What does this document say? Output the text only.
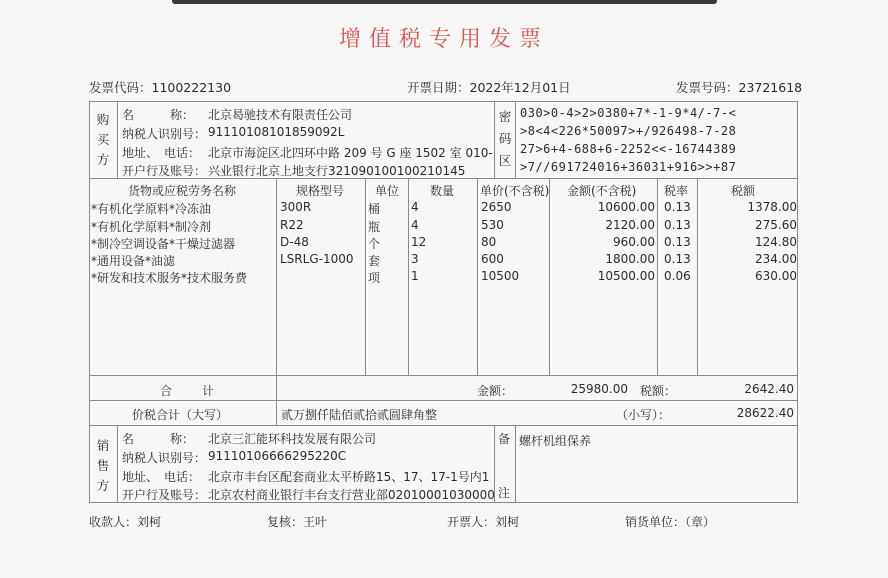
增值税专用发票
发票代码：1100222130	开票日期：2022年12月01日	发票号码：23721618
购
买
方
名　　　称： 北京曷驰技术有限责任公司
纳税人识别号： 91110108101859092L
地址、　电话： 北京市海淀区北四环中路 209 号 G 座 1502 室 010-
开户行及账号： 兴业银行北京上地支行321090100100210145
密
码
区
030>0-4>2>0380+7*-1-9*4/-7-<
>8<4<226*50097>+/926498-7-28
27>6+4-688+6-2252<<-16744389
>7//691724016+36031+916>>+87
货物或应税劳务名称	规格型号	单位	数量 单价(不含税) 金额(不含税) 税率	税额
*有机化学原料*冷冻油	300R	桶	4	2650	10600.00 0.13	1378.00
*有机化学原料*制冷剂	R22	瓶	4	530	2120.00 0.13	275.60
*制冷空调设备*干燥过滤器	D-48	个	12	80	960.00 0.13	124.80
*通用设备*油滤	LSRLG-1000 套	3	600	1800.00 0.13	234.00
*研发和技术服务*技术服务费	项	1	10500	10500.00 0.06	630.00
合　　计	金额：	25980.00 税额：	2642.40
价税合计（大写）	贰万捌仟陆佰贰拾贰圆肆角整	（小写）：	28622.40
销
售
方
名　　　称： 北京三汇能环科技发展有限公司
纳税人识别号： 91110106666295220C
地址、　电话： 北京市丰台区配套商业太平桥路15、17、17-1号内1
开户行及账号： 北京农村商业银行丰台支行营业部02010001030000
备
注
螺杆机组保养
收款人：刘柯	复核：王叶	开票人：刘柯	销货单位：（章）
